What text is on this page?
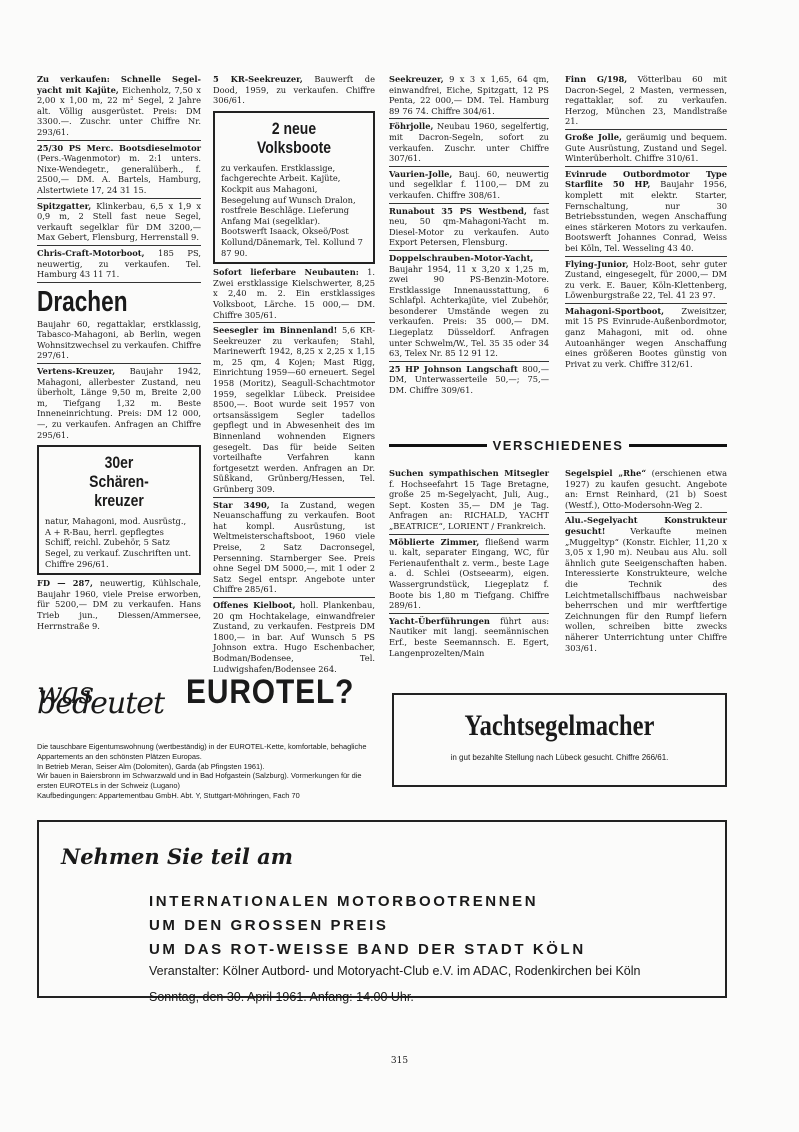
Zu verkaufen: Schnelle Segel-yacht mit Kajüte, Eichenholz, 7,50 x 2,00 x 1,00 m, 22 m² Segel, 2 Jahre alt. Völlig ausgerüstet. Preis: DM 3300.—. Zuschr. unter Chiffre Nr. 293/61.

25/30 PS Merc. Bootsdieselmotor (Pers.-Wagenmotor) m. 2:1 unters. Nixe-Wendegetr., generalüberh., f. 2500,— DM. A. Bartels, Hamburg, Alstertwiete 17, 24 31 15.

Spitzgatter, Klinkerbau, 6,5 x 1,9 x 0,9 m, 2 Stell fast neue Segel, verkauft segelklar für DM 3200,— Max Gebert, Flensburg, Herrenstall 9.

Chris-Craft-Motorboot, 185 PS, neuwertig, zu verkaufen. Tel. Hamburg 43 11 71.

Drachen

Baujahr 60, regattaklar, erstklassig, Tabasco-Mahagoni, ab Berlin, wegen Wohnsitzwechsel zu verkaufen. Chiffre 297/61.

Vertens-Kreuzer, Baujahr 1942, Mahagoni, allerbester Zustand, neu überholt, Länge 9,50 m, Breite 2,00 m, Tiefgang 1,32 m. Beste Inneneinrichtung. Preis: DM 12 000,—, zu verkaufen. Anfragen an Chiffre 295/61.

30er
Schären-
kreuzer

natur, Mahagoni, mod. Ausrüstg., A + R-Bau, herrl. gepflegtes Schiff, reichl. Zubehör, 5 Satz Segel, zu verkauf. Zuschriften unt. Chiffre 296/61.

FD — 287, neuwertig, Kühlschale, Baujahr 1960, viele Preise erworben, für 5200,— DM zu verkaufen. Hans Trieb jun., Diessen/Ammersee, Herrnstraße 9.

5 KR-Seekreuzer, Bauwerft de Dood, 1959, zu verkaufen. Chiffre 306/61.

2 neue
Volksboote

zu verkaufen. Erstklassige, fachgerechte Arbeit. Kajüte, Kockpit aus Mahagoni, Besegelung auf Wunsch Dralon, rostfreie Beschläge. Lieferung Anfang Mai (segelklar). Bootswerft Isaack, Okseö/Post Kollund/Dänemark, Tel. Kollund 7 87 90.

Sofort lieferbare Neubauten: 1. Zwei erstklassige Kielschwerter, 8,25 x 2,40 m. 2. Ein erstklassiges Volksboot, Lärche. 15 000,— DM. Chiffre 305/61.

Seesegler im Binnenland! 5,6 KR-Seekreuzer zu verkaufen; Stahl, Marinewerft 1942, 8,25 x 2,25 x 1,15 m, 25 qm, 4 Kojen; Mast Rigg, Einrichtung 1959—60 erneuert. Segel 1958 (Moritz), Seagull-Schachtmotor 1959, segelklar Lübeck. Preisidee 8500,—. Boot wurde seit 1957 von ortsansässigem Segler tadellos gepflegt und in Abwesenheit des im Binnenland wohnenden Eigners gesegelt. Das für beide Seiten vorteilhafte Verfahren kann fortgesetzt werden. Anfragen an Dr. Süßkand, Grünberg/Hessen, Tel. Grünberg 309.

Star 3490, Ia Zustand, wegen Neuanschaffung zu verkaufen. Boot hat kompl. Ausrüstung, ist Weltmeisterschaftsboot, 1960 viele Preise, 2 Satz Dacronsegel, Persenning. Starnberger See. Preis ohne Segel DM 5000,—, mit 1 oder 2 Satz Segel entspr. Angebote unter Chiffre 285/61.

Offenes Kielboot, holl. Plankenbau, 20 qm Hochtakelage, einwandfreier Zustand, zu verkaufen. Festpreis DM 1800,— in bar. Auf Wunsch 5 PS Johnson extra. Hugo Eschenbacher, Bodman/Bodensee, Tel. Ludwigshafen/Bodensee 264.

Seekreuzer, 9 x 3 x 1,65, 64 qm, einwandfrei, Eiche, Spitzgatt, 12 PS Penta, 22 000,— DM. Tel. Hamburg 89 76 74. Chiffre 304/61.

Föhrjolle, Neubau 1960, segelfertig, mit Dacron-Segeln, sofort zu verkaufen. Zuschr. unter Chiffre 307/61.

Vaurien-Jolle, Bauj. 60, neuwertig und segelklar f. 1100,— DM zu verkaufen. Chiffre 308/61.

Runabout 35 PS Westbend, fast neu, 50 qm-Mahagoni-Yacht m. Diesel-Motor zu verkaufen. Auto Export Petersen, Flensburg.

Doppelschrauben-Motor-Yacht, Baujahr 1954, 11 x 3,20 x 1,25 m, zwei 90 PS-Benzin-Motore. Erstklassige Innenausstattung, 6 Schlafpl. Achterkajüte, viel Zubehör, besonderer Umstände wegen zu verkaufen. Preis: 35 000,— DM. Liegeplatz Düsseldorf. Anfragen unter Schwelm/W., Tel. 35 35 oder 34 63, Telex Nr. 85 12 91 12.

25 HP Johnson Langschaft 800,— DM, Unterwasserteile 50,—; 75,— DM. Chiffre 309/61.

Finn G/198, Vötterlbau 60 mit Dacron-Segel, 2 Masten, vermessen, regattaklar, sof. zu verkaufen. Herzog, München 23, Mandlstraße 21.

Große Jolle, geräumig und bequem. Gute Ausrüstung, Zustand und Segel. Winterüberholt. Chiffre 310/61.

Evinrude Outbordmotor Type Starflite 50 HP, Baujahr 1956, komplett mit elektr. Starter, Fernschaltung, nur 30 Betriebsstunden, wegen Anschaffung eines stärkeren Motors zu verkaufen. Bootswerft Johannes Conrad, Weiss bei Köln, Tel. Wesseling 43 40.

Flying-Junior, Holz-Boot, sehr guter Zustand, eingesegelt, für 2000,— DM zu verk. E. Bauer, Köln-Klettenberg, Löwenburgstraße 22, Tel. 41 23 97.

Mahagoni-Sportboot, Zweisitzer, mit 15 PS Evinrude-Außenbordmotor, ganz Mahagoni, mit od. ohne Autoanhänger wegen Anschaffung eines größeren Bootes günstig von Privat zu verk. Chiffre 312/61.

VERSCHIEDENES

Suchen sympathischen Mitsegler f. Hochseefahrt 15 Tage Bretagne, große 25 m-Segelyacht, Juli, Aug., Sept. Kosten 35,— DM je Tag. Anfragen an: RICHALD, YACHT „BEATRICE“, LORIENT / Frankreich.

Möblierte Zimmer, fließend warm u. kalt, separater Eingang, WC, für Ferienaufenthalt z. verm., beste Lage a. d. Schlei (Ostseearm), eigen. Wassergrundstück, Liegeplatz f. Boote bis 1,80 m Tiefgang. Chiffre 289/61.

Yacht-Überführungen führt aus: Nautiker mit langj. seemännischen Erf., beste Seemannsch. E. Egert, Langenprozelten/Main

Segelspiel „Rhe“ (erschienen etwa 1927) zu kaufen gesucht. Angebote an: Ernst Reinhard, (21 b) Soest (Westf.), Otto-Modersohn-Weg 2.

Alu.-Segelyacht Konstrukteur gesucht!	Verkaufte meinen „Muggeltyp“ (Konstr. Eichler, 11,20 x 3,05 x 1,90 m). Neubau aus Alu. soll ähnlich gute Seeigenschaften haben. Interessierte Konstrukteure, welche die Technik des Leichtmetallschiffbaus nachweisbar beherrschen und mir werftfertige Zeichnungen für den Rumpf liefern wollen, schreiben bitte zwecks näherer Unterrichtung unter Chiffre 303/61.

was bedeutet EUROTEL?

Die tauschbare Eigentumswohnung (wertbeständig) in der EUROTEL-Kette, komfortable, behagliche Appartements an den schönsten Plätzen Europas.

In Betrieb Meran, Seiser Alm (Dolomiten), Garda (ab Pfingsten 1961).

Wir bauen in Baiersbronn im Schwarzwald und in Bad Hofgastein (Salzburg). Vormerkungen für die ersten EUROTELs in der Schweiz (Lugano)

Kaufbedingungen: Appartementbau GmbH. Abt. Y, Stuttgart-Möhringen, Fach 70

Yachtsegelmacher
in gut bezahlte Stellung nach Lübeck gesucht. Chiffre 266/61.
Nehmen Sie teil am
INTERNATIONALEN MOTORBOOTRENNEN
UM DEN GROSSEN PREIS
UM DAS ROT-WEISSE BAND DER STADT KÖLN
Veranstalter: Kölner Autbord- und Motoryacht-Club e.V. im ADAC, Rodenkirchen bei Köln
Sonntag, den 30. April 1961. Anfang: 14.00 Uhr.
315
